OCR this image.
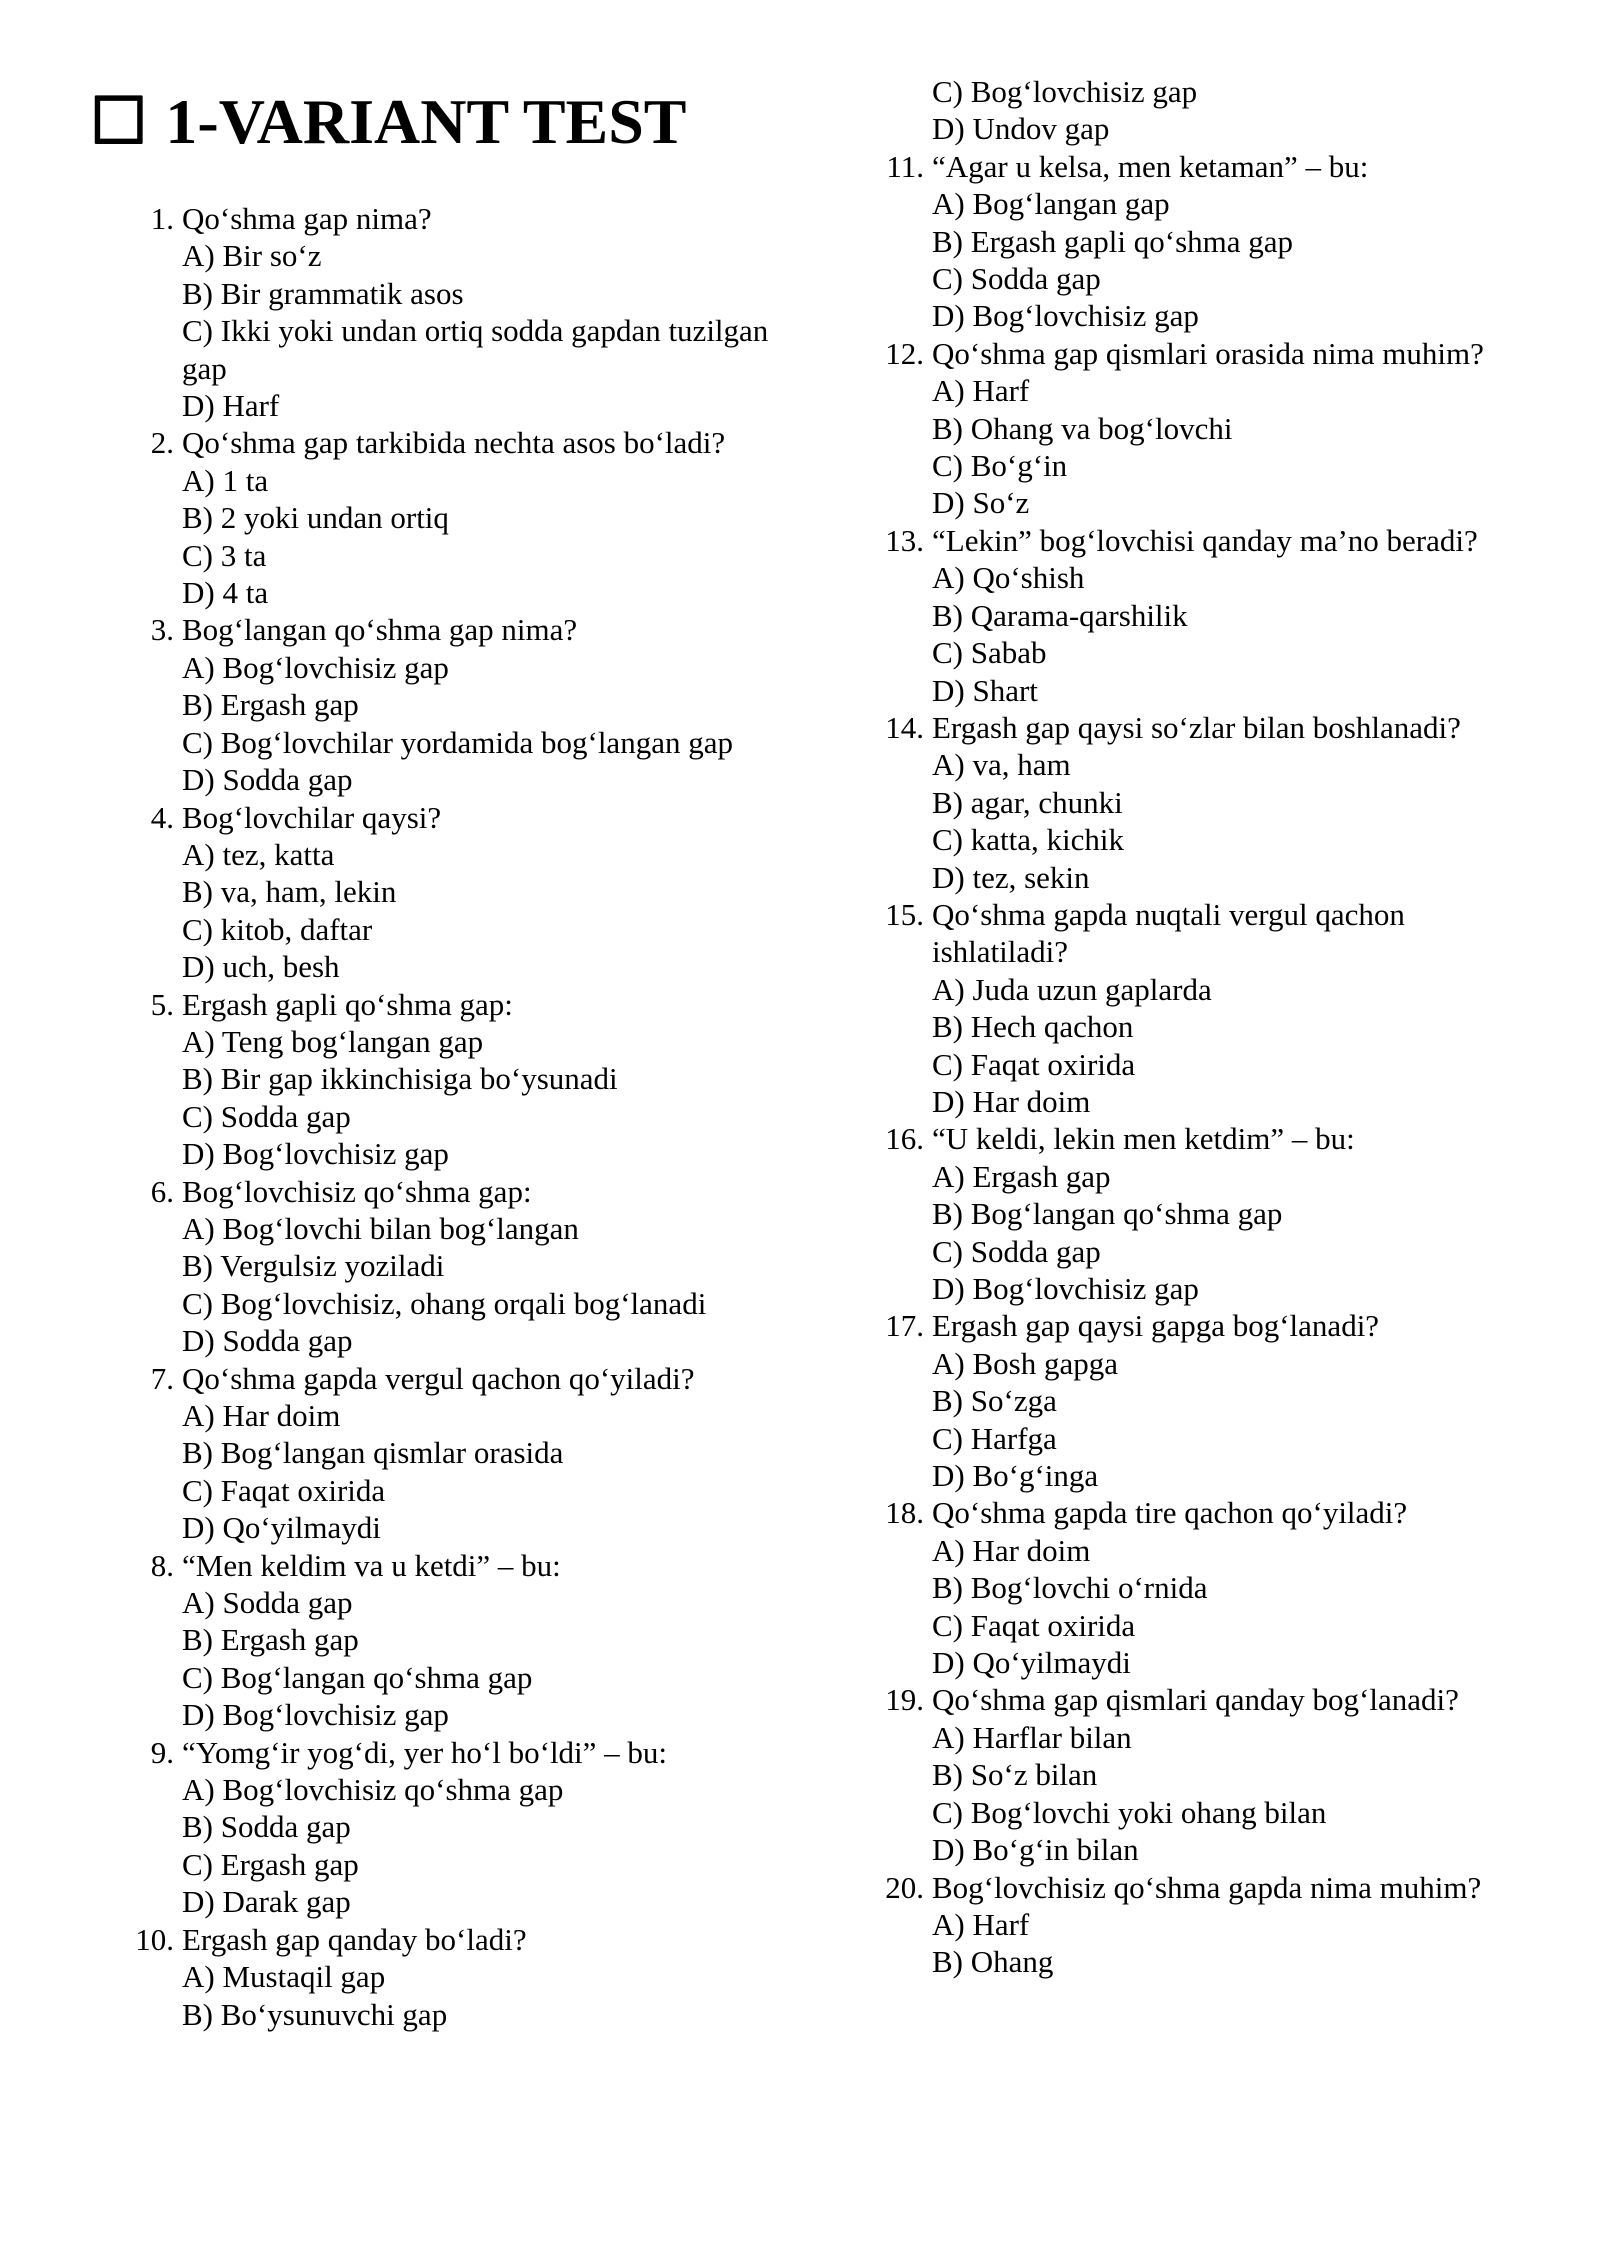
☐ 1-VARIANT TEST
1. Qo‘shma gap nima?
A) Bir so‘z
B) Bir grammatik asos
C) Ikki yoki undan ortiq sodda gapdan tuzilgan gap
D) Harf
2. Qo‘shma gap tarkibida nechta asos bo‘ladi?
A) 1 ta
B) 2 yoki undan ortiq
C) 3 ta
D) 4 ta
3. Bog‘langan qo‘shma gap nima?
A) Bog‘lovchisiz gap
B) Ergash gap
C) Bog‘lovchilar yordamida bog‘langan gap
D) Sodda gap
4. Bog‘lovchilar qaysi?
A) tez, katta
B) va, ham, lekin
C) kitob, daftar
D) uch, besh
5. Ergash gapli qo‘shma gap:
A) Teng bog‘langan gap
B) Bir gap ikkinchisiga bo‘ysunadi
C) Sodda gap
D) Bog‘lovchisiz gap
6. Bog‘lovchisiz qo‘shma gap:
A) Bog‘lovchi bilan bog‘langan
B) Vergulsiz yoziladi
C) Bog‘lovchisiz, ohang orqali bog‘lanadi
D) Sodda gap
7. Qo‘shma gapda vergul qachon qo‘yiladi?
A) Har doim
B) Bog‘langan qismlar orasida
C) Faqat oxirida
D) Qo‘yilmaydi
8. “Men keldim va u ketdi” – bu:
A) Sodda gap
B) Ergash gap
C) Bog‘langan qo‘shma gap
D) Bog‘lovchisiz gap
9. “Yomg‘ir yog‘di, yer ho‘l bo‘ldi” – bu:
A) Bog‘lovchisiz qo‘shma gap
B) Sodda gap
C) Ergash gap
D) Darak gap
10. Ergash gap qanday bo‘ladi?
A) Mustaqil gap
B) Bo‘ysunuvchi gap
C) Bog‘lovchisiz gap
D) Undov gap
11. “Agar u kelsa, men ketaman” – bu:
A) Bog‘langan gap
B) Ergash gapli qo‘shma gap
C) Sodda gap
D) Bog‘lovchisiz gap
12. Qo‘shma gap qismlari orasida nima muhim?
A) Harf
B) Ohang va bog‘lovchi
C) Bo‘g‘in
D) So‘z
13. “Lekin” bog‘lovchisi qanday ma’no beradi?
A) Qo‘shish
B) Qarama-qarshilik
C) Sabab
D) Shart
14. Ergash gap qaysi so‘zlar bilan boshlanadi?
A) va, ham
B) agar, chunki
C) katta, kichik
D) tez, sekin
15. Qo‘shma gapda nuqtali vergul qachon ishlatiladi?
A) Juda uzun gaplarda
B) Hech qachon
C) Faqat oxirida
D) Har doim
16. “U keldi, lekin men ketdim” – bu:
A) Ergash gap
B) Bog‘langan qo‘shma gap
C) Sodda gap
D) Bog‘lovchisiz gap
17. Ergash gap qaysi gapga bog‘lanadi?
A) Bosh gapga
B) So‘zga
C) Harfga
D) Bo‘g‘inga
18. Qo‘shma gapda tire qachon qo‘yiladi?
A) Har doim
B) Bog‘lovchi o‘rnida
C) Faqat oxirida
D) Qo‘yilmaydi
19. Qo‘shma gap qismlari qanday bog‘lanadi?
A) Harflar bilan
B) So‘z bilan
C) Bog‘lovchi yoki ohang bilan
D) Bo‘g‘in bilan
20. Bog‘lovchisiz qo‘shma gapda nima muhim?
A) Harf
B) Ohang
